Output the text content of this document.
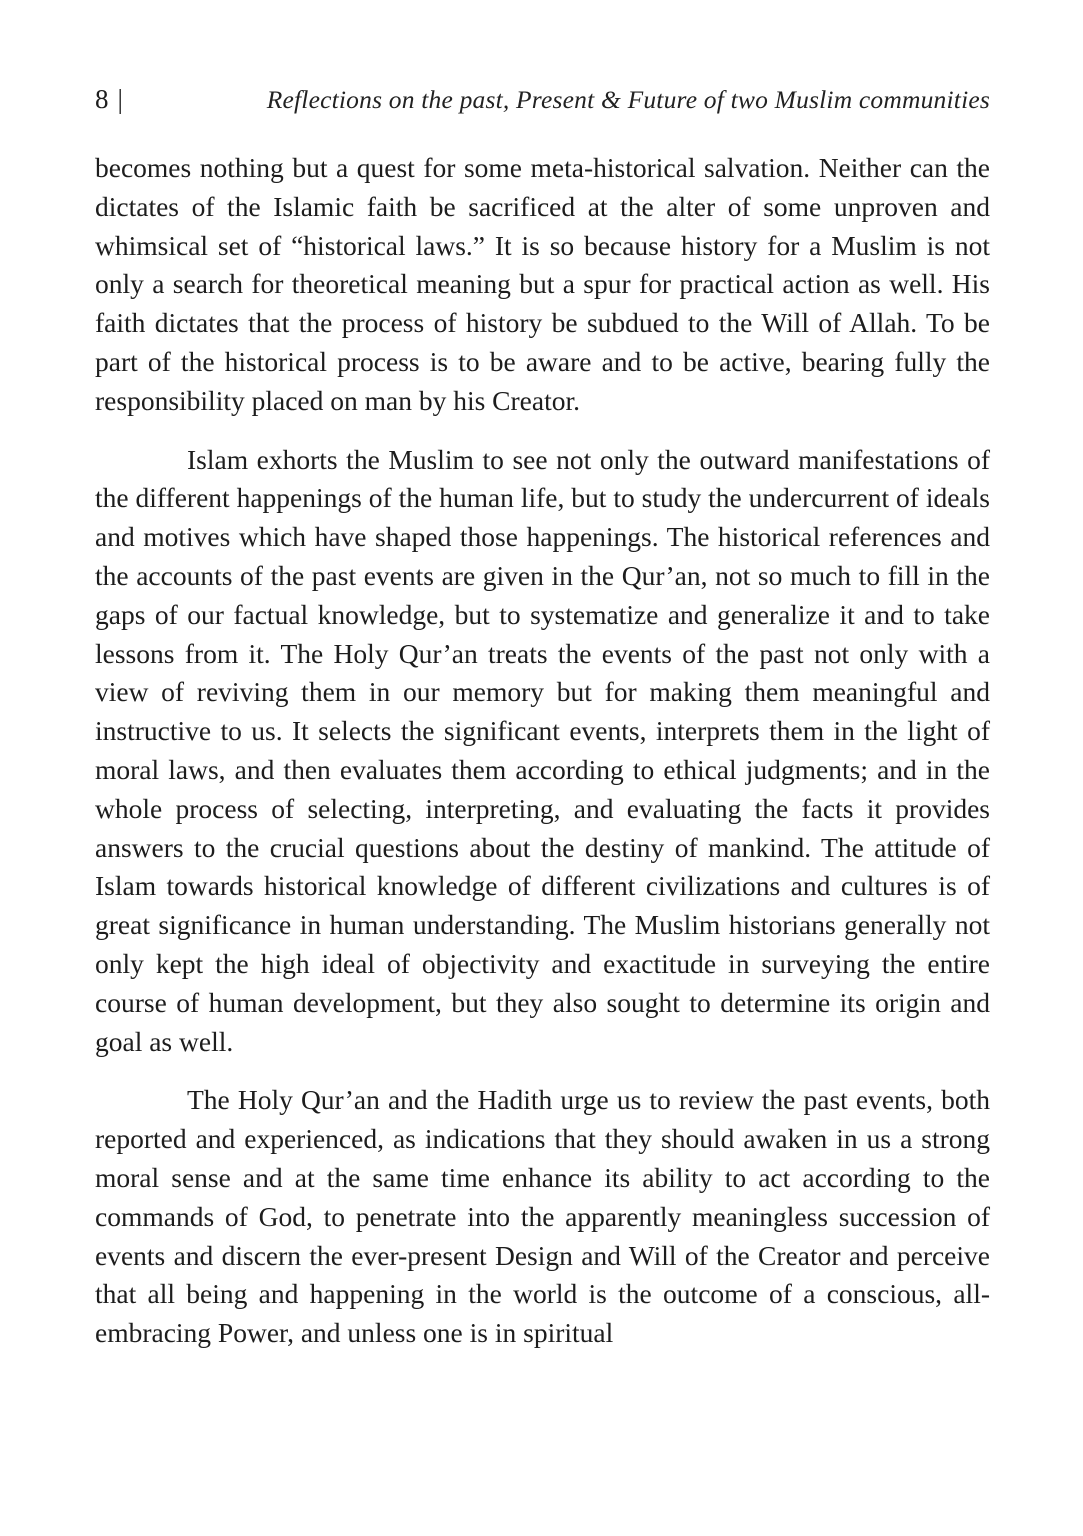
8 |	Reflections on the past, Present & Future of two Muslim communities

becomes nothing but a quest for some meta-historical salvation. Neither can the dictates of the Islamic faith be sacrificed at the alter of some unproven and whimsical set of “historical laws.” It is so because history for a Muslim is not only a search for theoretical meaning but a spur for practical action as well. His faith dictates that the process of history be subdued to the Will of Allah. To be part of the historical process is to be aware and to be active, bearing fully the responsibility placed on man by his Creator.

Islam exhorts the Muslim to see not only the outward manifestations of the different happenings of the human life, but to study the undercurrent of ideals and motives which have shaped those happenings. The historical references and the accounts of the past events are given in the Qur’an, not so much to fill in the gaps of our factual knowledge, but to systematize and generalize it and to take lessons from it. The Holy Qur’an treats the events of the past not only with a view of reviving them in our memory but for making them meaningful and instructive to us. It selects the significant events, interprets them in the light of moral laws, and then evaluates them according to ethical judgments; and in the whole process of selecting, interpreting, and evaluating the facts it provides answers to the crucial questions about the destiny of mankind. The attitude of Islam towards historical knowledge of different civilizations and cultures is of great significance in human understanding. The Muslim historians generally not only kept the high ideal of objectivity and exactitude in surveying the entire course of human development, but they also sought to determine its origin and goal as well.

The Holy Qur’an and the Hadith urge us to review the past events, both reported and experienced, as indications that they should awaken in us a strong moral sense and at the same time enhance its ability to act according to the commands of God, to penetrate into the apparently meaningless succession of events and discern the ever-present Design and Will of the Creator and perceive that all being and happening in the world is the outcome of a conscious, all- embracing Power, and unless one is in spiritual
